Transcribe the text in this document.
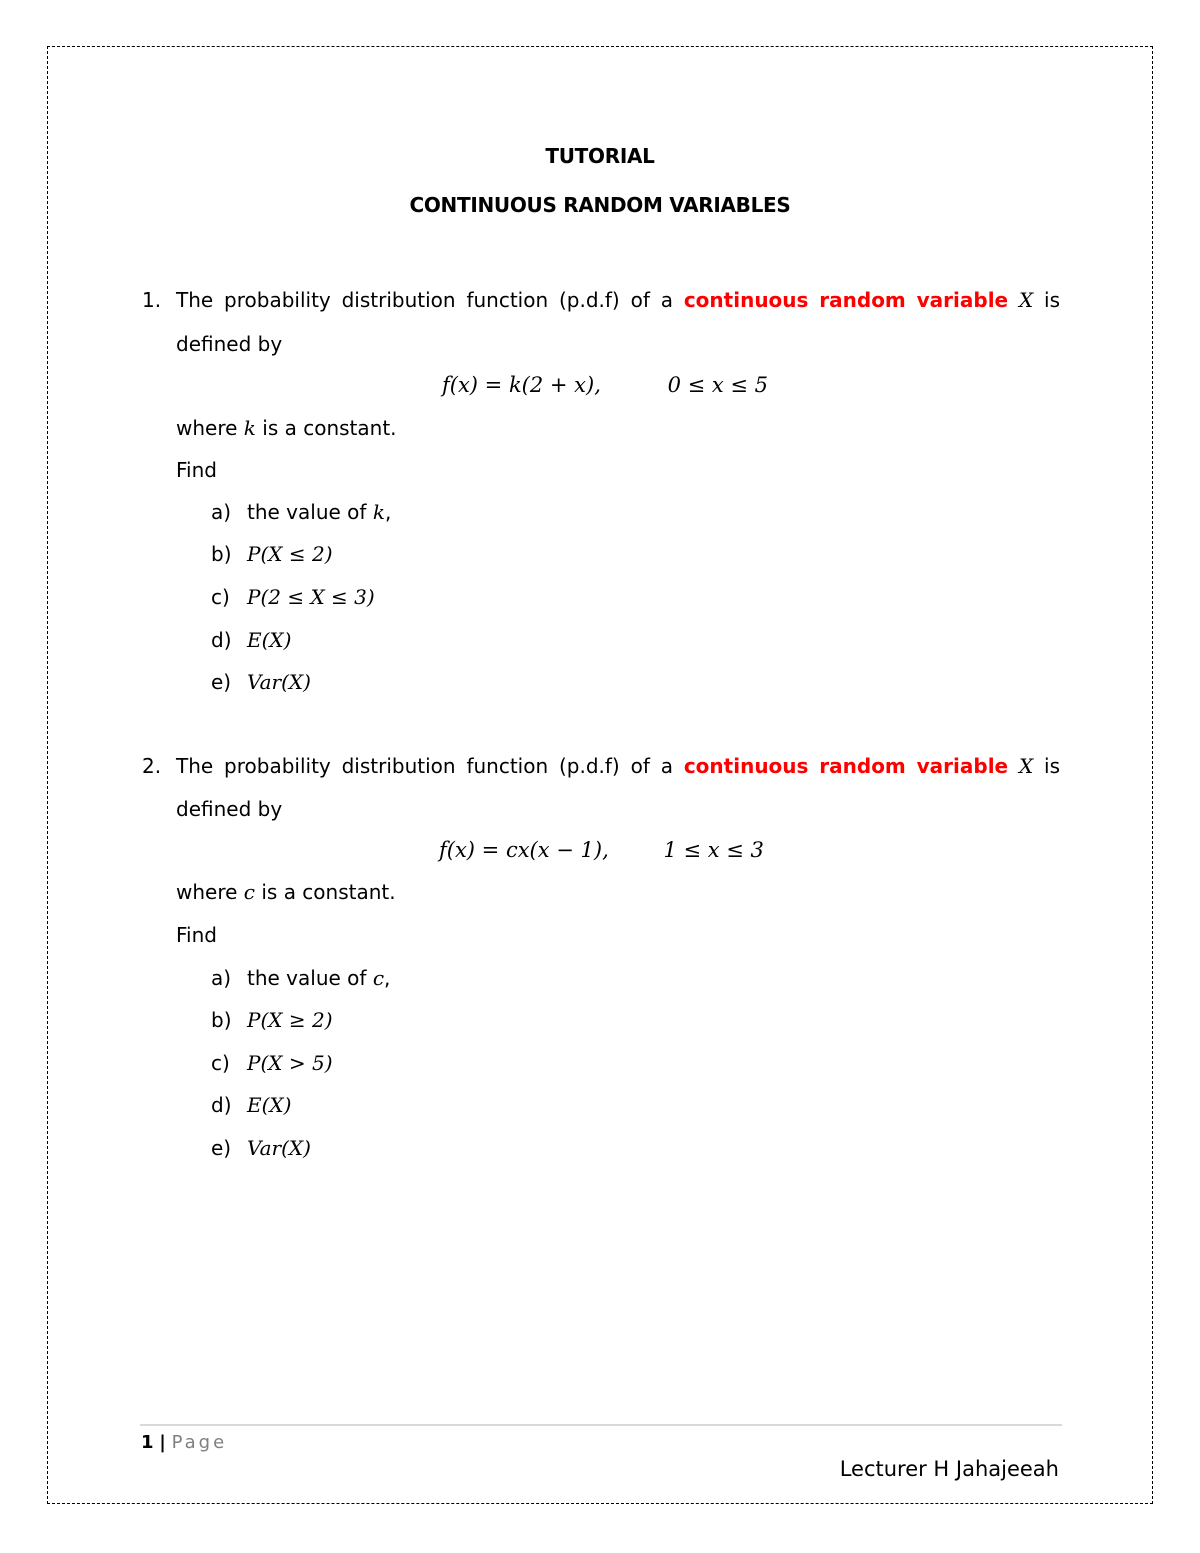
TUTORIAL
CONTINUOUS RANDOM VARIABLES
1. The probability distribution function (p.d.f) of a continuous random variable X is
defined by
f(x) = k(2 + x),	0 ≤ x ≤ 5
where k is a constant.
Find
a) the value of k,
b) P(X ≤ 2)
c) P(2 ≤ X ≤ 3)
d) E(X)
e) Var(X)
2. The probability distribution function (p.d.f) of a continuous random variable X is
defined by
f(x) = cx(x − 1),	1 ≤ x ≤ 3
where c is a constant.
Find
a) the value of c,
b) P(X ≥ 2)
c) P(X > 5)
d) E(X)
e) Var(X)
1 | Page
Lecturer H Jahajeeah
